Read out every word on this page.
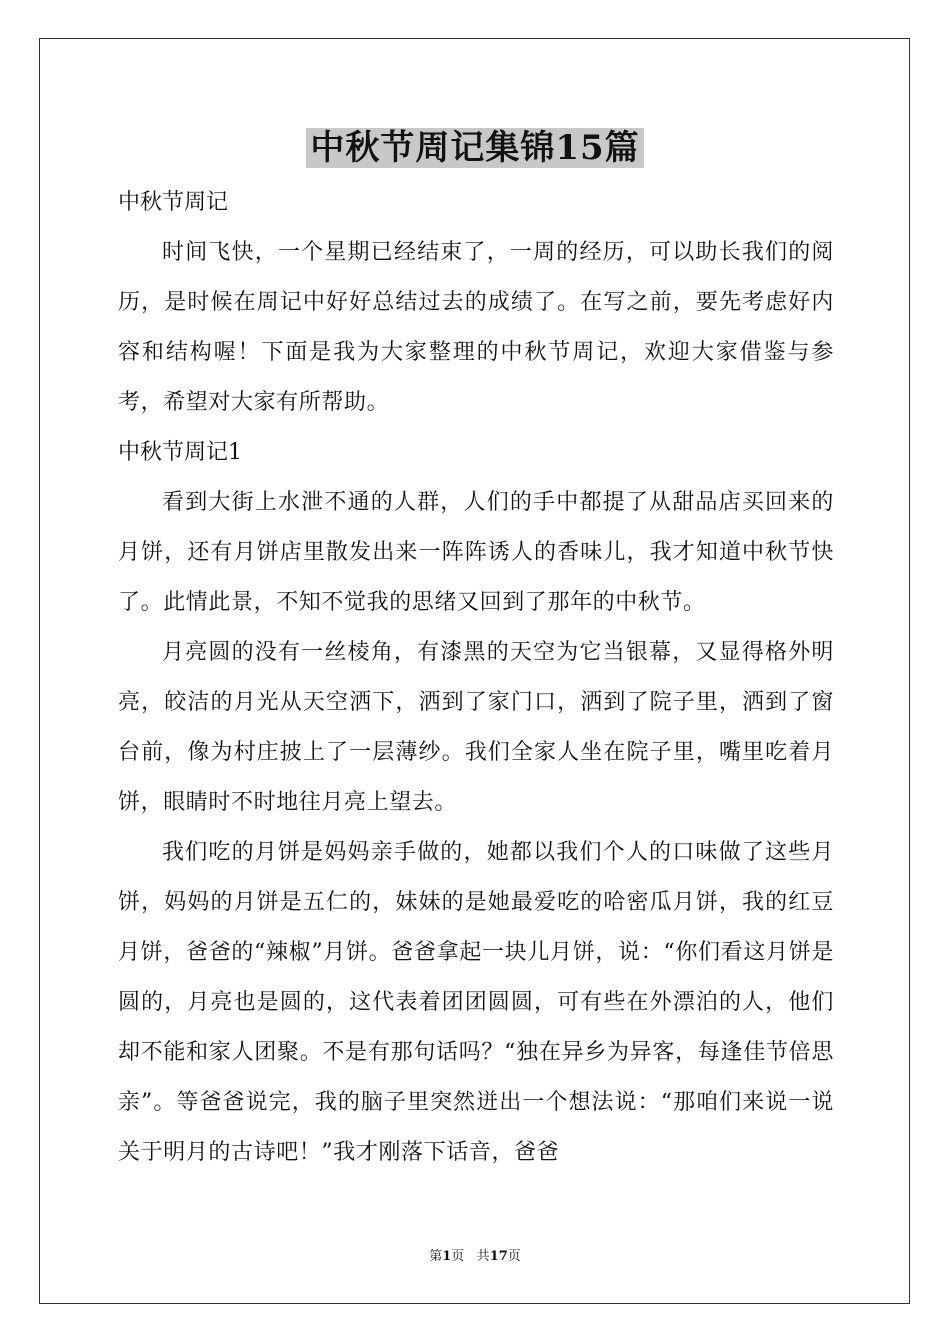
中秋节周记集锦15篇

中秋节周记

时间飞快，一个星期已经结束了，一周的经历，可以助长我们的阅历，是时候在周记中好好总结过去的成绩了。在写之前，要先考虑好内容和结构喔！下面是我为大家整理的中秋节周记，欢迎大家借鉴与参考，希望对大家有所帮助。

中秋节周记1

看到大街上水泄不通的人群，人们的手中都提了从甜品店买回来的月饼，还有月饼店里散发出来一阵阵诱人的香味儿，我才知道中秋节快了。此情此景，不知不觉我的思绪又回到了那年的中秋节。

月亮圆的没有一丝棱角，有漆黑的天空为它当银幕，又显得格外明亮，皎洁的月光从天空洒下，洒到了家门口，洒到了院子里，洒到了窗台前，像为村庄披上了一层薄纱。我们全家人坐在院子里，嘴里吃着月饼，眼睛时不时地往月亮上望去。

我们吃的月饼是妈妈亲手做的，她都以我们个人的口味做了这些月饼，妈妈的月饼是五仁的，妹妹的是她最爱吃的哈密瓜月饼，我的红豆月饼，爸爸的“辣椒”月饼。爸爸拿起一块儿月饼，说：“你们看这月饼是圆的，月亮也是圆的，这代表着团团圆圆，可有些在外漂泊的人，他们却不能和家人团聚。不是有那句话吗？“独在异乡为异客，每逢佳节倍思亲”。等爸爸说完，我的脑子里突然迸出一个想法说：“那咱们来说一说关于明月的古诗吧！”我才刚落下话音，爸爸

第1页 共17页
